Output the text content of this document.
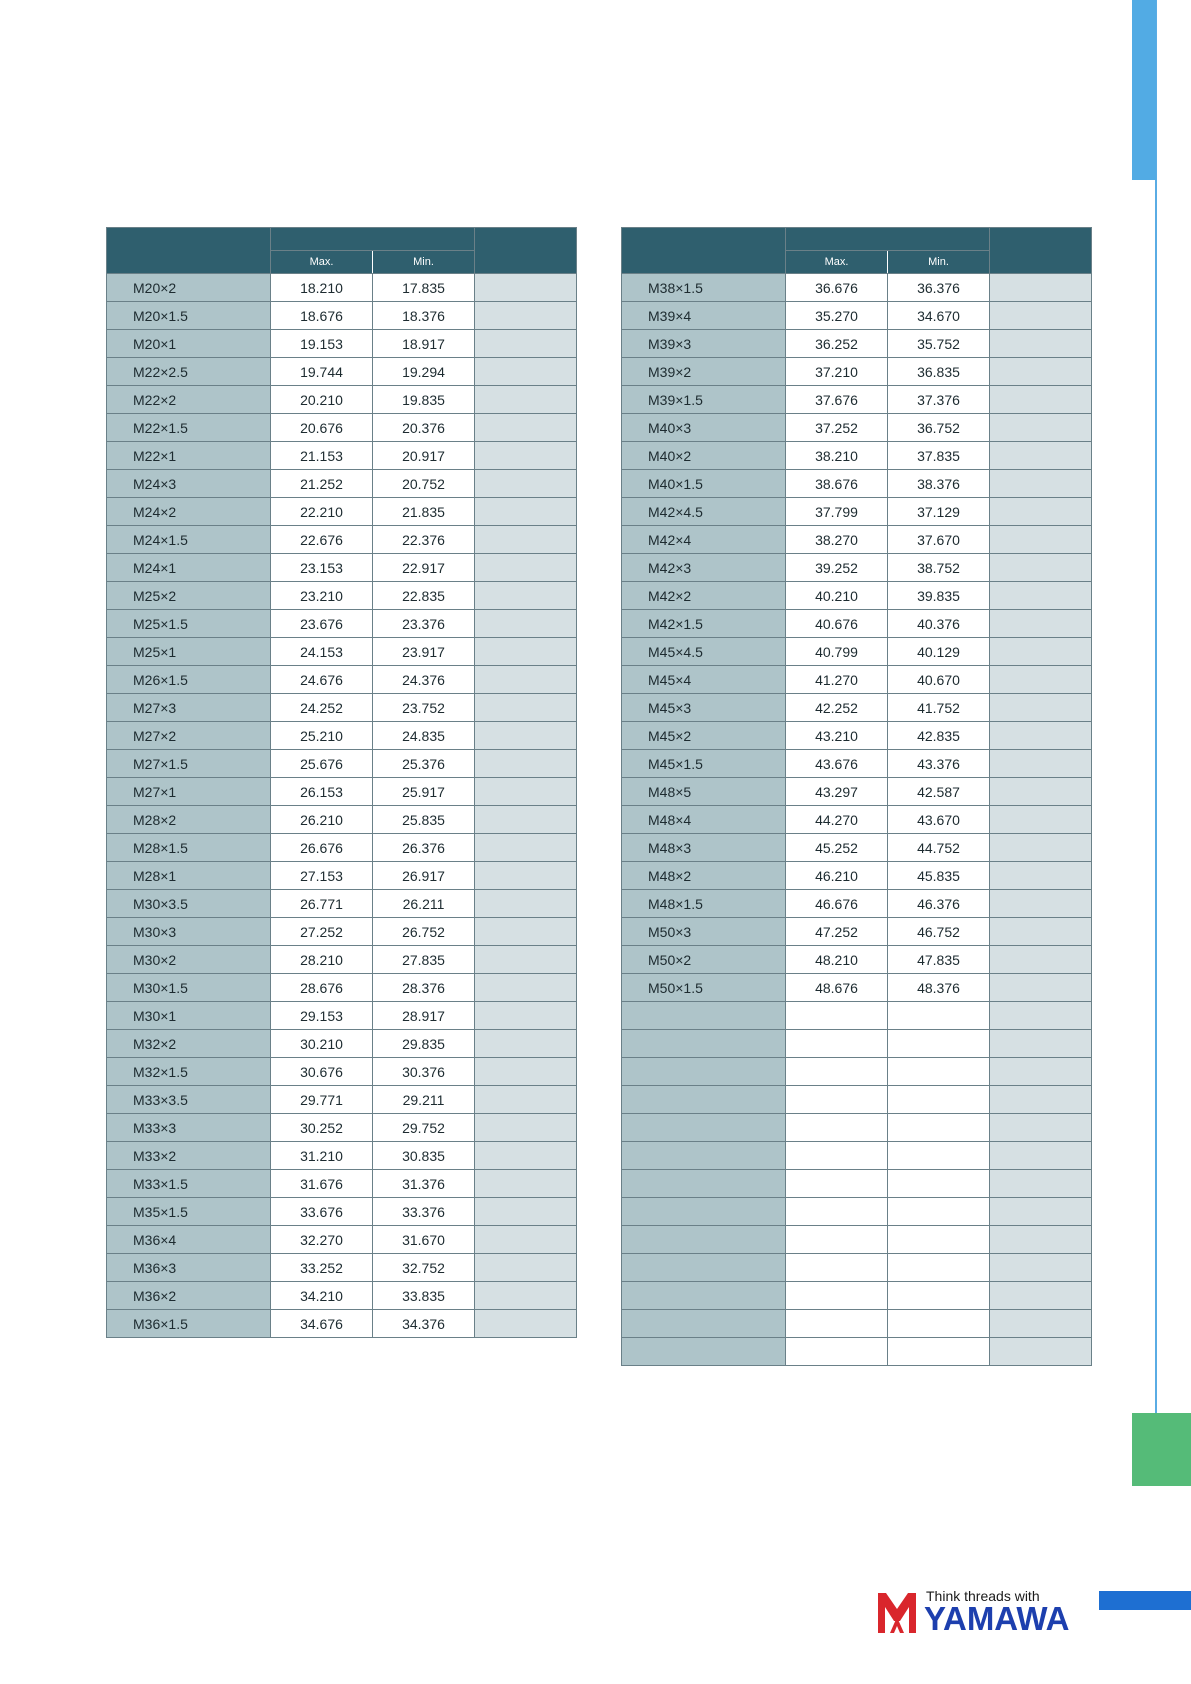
	Max.	Min.	
M20×2	18.210	17.835	
M20×1.5	18.676	18.376	
M20×1	19.153	18.917	
M22×2.5	19.744	19.294	
M22×2	20.210	19.835	
M22×1.5	20.676	20.376	
M22×1	21.153	20.917	
M24×3	21.252	20.752	
M24×2	22.210	21.835	
M24×1.5	22.676	22.376	
M24×1	23.153	22.917	
M25×2	23.210	22.835	
M25×1.5	23.676	23.376	
M25×1	24.153	23.917	
M26×1.5	24.676	24.376	
M27×3	24.252	23.752	
M27×2	25.210	24.835	
M27×1.5	25.676	25.376	
M27×1	26.153	25.917	
M28×2	26.210	25.835	
M28×1.5	26.676	26.376	
M28×1	27.153	26.917	
M30×3.5	26.771	26.211	
M30×3	27.252	26.752	
M30×2	28.210	27.835	
M30×1.5	28.676	28.376	
M30×1	29.153	28.917	
M32×2	30.210	29.835	
M32×1.5	30.676	30.376	
M33×3.5	29.771	29.211	
M33×3	30.252	29.752	
M33×2	31.210	30.835	
M33×1.5	31.676	31.376	
M35×1.5	33.676	33.376	
M36×4	32.270	31.670	
M36×3	33.252	32.752	
M36×2	34.210	33.835	
M36×1.5	34.676	34.376	

	Max.	Min.	
M38×1.5	36.676	36.376	
M39×4	35.270	34.670	
M39×3	36.252	35.752	
M39×2	37.210	36.835	
M39×1.5	37.676	37.376	
M40×3	37.252	36.752	
M40×2	38.210	37.835	
M40×1.5	38.676	38.376	
M42×4.5	37.799	37.129	
M42×4	38.270	37.670	
M42×3	39.252	38.752	
M42×2	40.210	39.835	
M42×1.5	40.676	40.376	
M45×4.5	40.799	40.129	
M45×4	41.270	40.670	
M45×3	42.252	41.752	
M45×2	43.210	42.835	
M45×1.5	43.676	43.376	
M48×5	43.297	42.587	
M48×4	44.270	43.670	
M48×3	45.252	44.752	
M48×2	46.210	45.835	
M48×1.5	46.676	46.376	
M50×3	47.252	46.752	
M50×2	48.210	47.835	
M50×1.5	48.676	48.376	

Think threads with
YAMAWA
